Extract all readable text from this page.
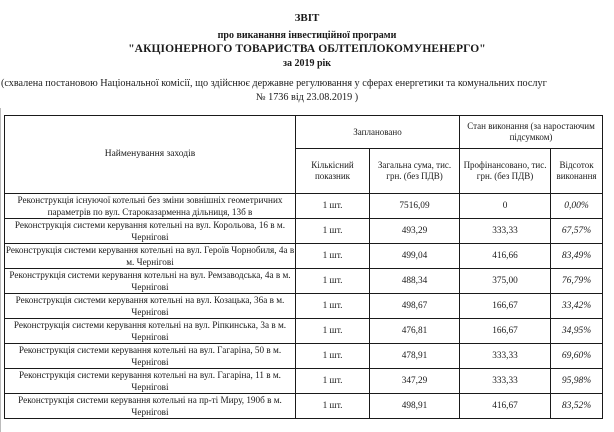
ЗВІТ
про виканання інвестиційної програми
"АКЦІОНЕРНОГО ТОВАРИСТВА ОБЛТЕПЛОКОМУНЕНЕРГО"
за 2019 рік
(схвалена постановою Національної комісії, що здійснює державне регулювання у сферах енергетики та комунальних послуг
№ 1736 від 23.08.2019 )
Найменування заходів	Заплановано		Стан виконання (за наростаючим підсумком)	
	Кількісний показник	Загальна сума, тис. грн. (без ПДВ)	Профінансовано, тис. грн. (без ПДВ)	Відсоток виконання
Реконструкція існуючої котельні без зміни зовнішніх геометричних параметрів по вул. Староказарменна дільниця, 13б в	1 шт.	7516,09	0	0,00%
Реконструкція системи керування котельні на вул. Корольова, 16 в м. Чернігові	1 шт.	493,29	333,33	67,57%
Реконструкція системи керування котельні на вул. Героїв Чорнобиля, 4а в м. Чернігові	1 шт.	499,04	416,66	83,49%
Реконструкція системи керування котельні на вул. Ремзаводська, 4а в м. Чернігові	1 шт.	488,34	375,00	76,79%
Реконструкція системи керування котельні на вул. Козацька, 36а в м. Чернігові	1 шт.	498,67	166,67	33,42%
Реконструкція системи керування котельні на вул. Ріпкинська, 3а в м. Чернігові	1 шт.	476,81	166,67	34,95%
Реконструкція системи керування котельні на вул. Гагаріна, 50 в м. Чернігові	1 шт.	478,91	333,33	69,60%
Реконструкція системи керування котельні на вул. Гагаріна, 11 в м. Чернігові	1 шт.	347,29	333,33	95,98%
Реконструкція системи керування котельні на пр-ті Миру, 190б в м. Чернігові	1 шт.	498,91	416,67	83,52%
